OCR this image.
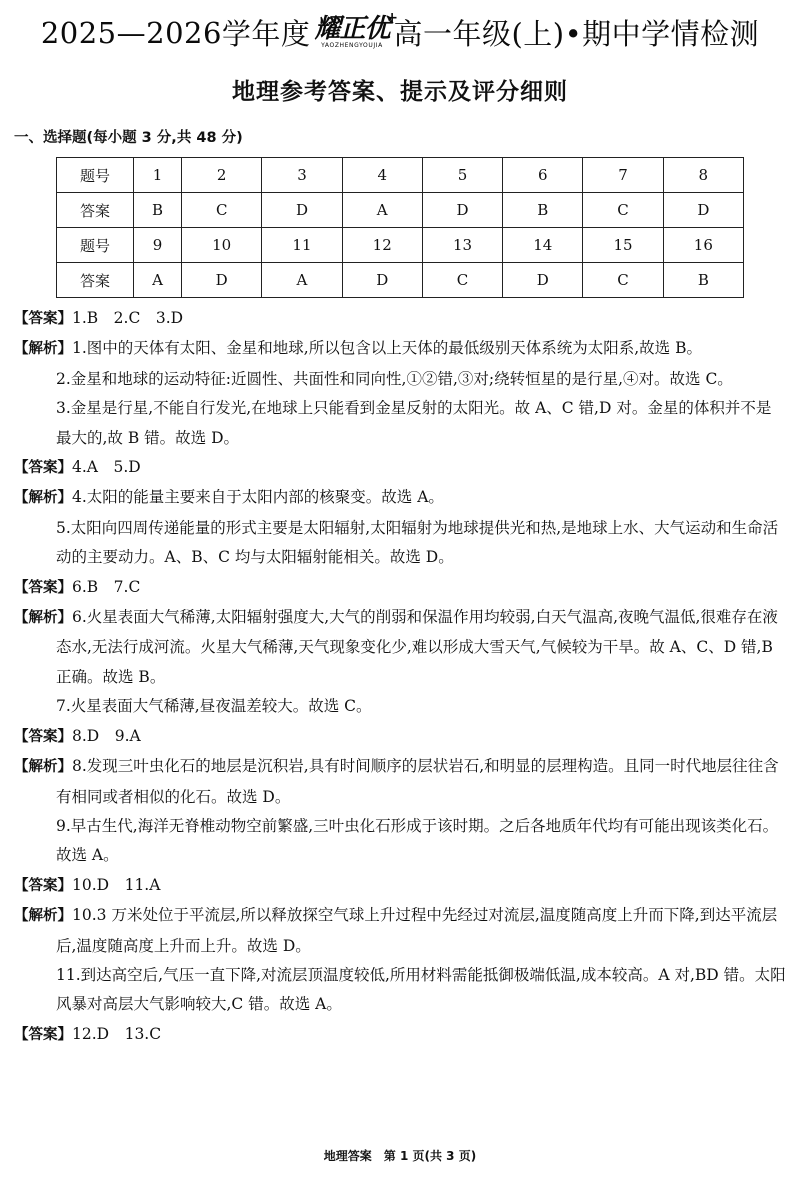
2025—2026 学年度 耀正优
+
YAOZHENGYOUJIA 高一年级(上)•期中学情检测
地理参考答案、提示及评分细则
一、选择题(每小题 3 分,共 48 分)
题号	1	2	3	4	5	6	7	8
答案	B	C	D	A	D	B	C	D
题号	9	10	11	12	13	14	15	16
答案	A	D	A	D	C	D	C	B

【答案】1.B　2.C　3.D

【解析】1.图中的天体有太阳、金星和地球,所以包含以上天体的最低级别天体系统为太阳系,故选 B。

2.金星和地球的运动特征:近圆性、共面性和同向性,①②错,③对;绕转恒星的是行星,④对。故选 C。

3.金星是行星,不能自行发光,在地球上只能看到金星反射的太阳光。故 A、C 错,D 对。金星的体积并不是最大的,故 B 错。故选 D。

【答案】4.A　5.D

【解析】4.太阳的能量主要来自于太阳内部的核聚变。故选 A。

5.太阳向四周传递能量的形式主要是太阳辐射,太阳辐射为地球提供光和热,是地球上水、大气运动和生命活动的主要动力。A、B、C 均与太阳辐射能相关。故选 D。

【答案】6.B　7.C

【解析】6.火星表面大气稀薄,太阳辐射强度大,大气的削弱和保温作用均较弱,白天气温高,夜晚气温低,很难存在液态水,无法行成河流。火星大气稀薄,天气现象变化少,难以形成大雪天气,气候较为干旱。故 A、C、D 错,B 正确。故选 B。

7.火星表面大气稀薄,昼夜温差较大。故选 C。

【答案】8.D　9.A

【解析】8.发现三叶虫化石的地层是沉积岩,具有时间顺序的层状岩石,和明显的层理构造。且同一时代地层往往含有相同或者相似的化石。故选 D。

9.早古生代,海洋无脊椎动物空前繁盛,三叶虫化石形成于该时期。之后各地质年代均有可能出现该类化石。故选 A。

【答案】10.D　11.A

【解析】10.3 万米处位于平流层,所以释放探空气球上升过程中先经过对流层,温度随高度上升而下降,到达平流层后,温度随高度上升而上升。故选 D。

11.到达高空后,气压一直下降,对流层顶温度较低,所用材料需能抵御极端低温,成本较高。A 对,BD 错。太阳风暴对高层大气影响较大,C 错。故选 A。

【答案】12.D　13.C

地理答案　第 1 页(共 3 页)
